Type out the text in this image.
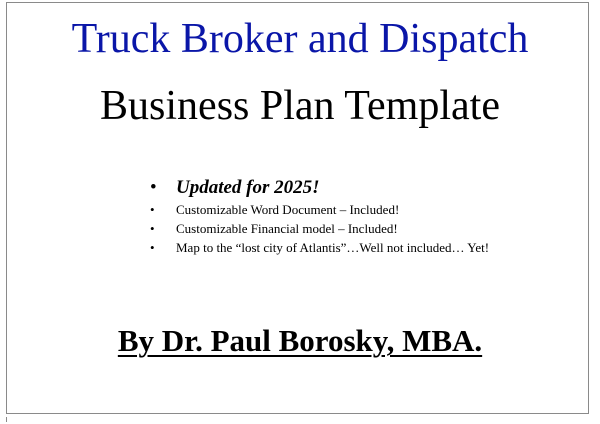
Truck Broker and Dispatch
Business Plan Template
• Updated for 2025!
• Customizable Word Document – Included!
• Customizable Financial model – Included!
• Map to the “lost city of Atlantis”…Well not included… Yet!
By Dr. Paul Borosky, MBA.
